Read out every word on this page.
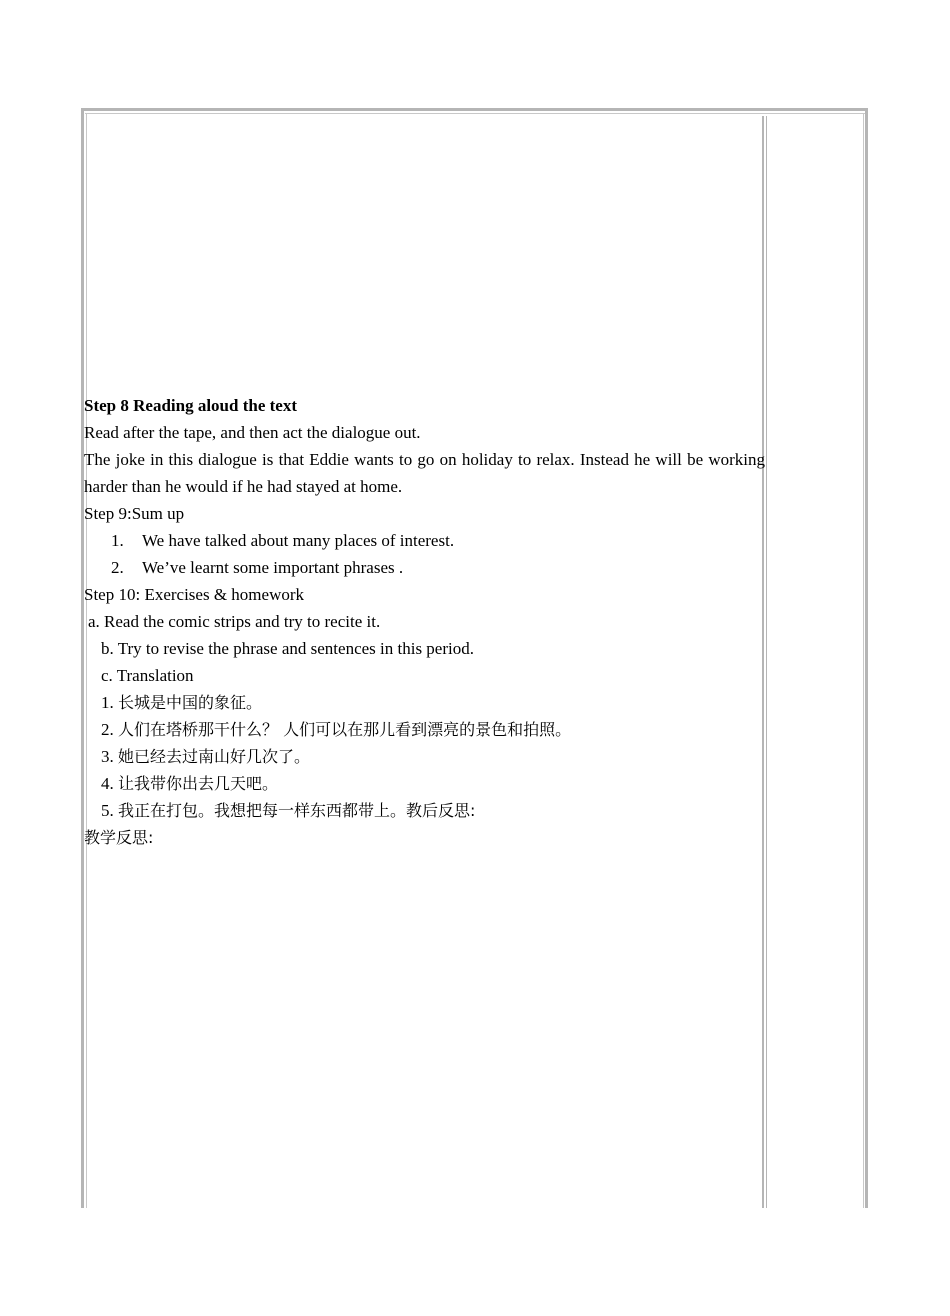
Step 8 Reading aloud the text
Read after the tape, and then act the dialogue out.
The joke in this dialogue is that Eddie wants to go on holiday to relax. Instead he will be working harder than he would if he had stayed at home.
Step 9:Sum up
1.	We have talked about many places of interest.
2.	We’ve learnt some important phrases .
Step 10: Exercises & homework
a. Read the comic strips and try to recite it.
b. Try to revise the phrase and sentences in this period.
c. Translation
1. 长城是中国的象征。
2. 人们在塔桥那干什么？ 人们可以在那儿看到漂亮的景色和拍照。
3. 她已经去过南山好几次了。
4. 让我带你出去几天吧。
5. 我正在打包。我想把每一样东西都带上。教后反思:
教学反思:
